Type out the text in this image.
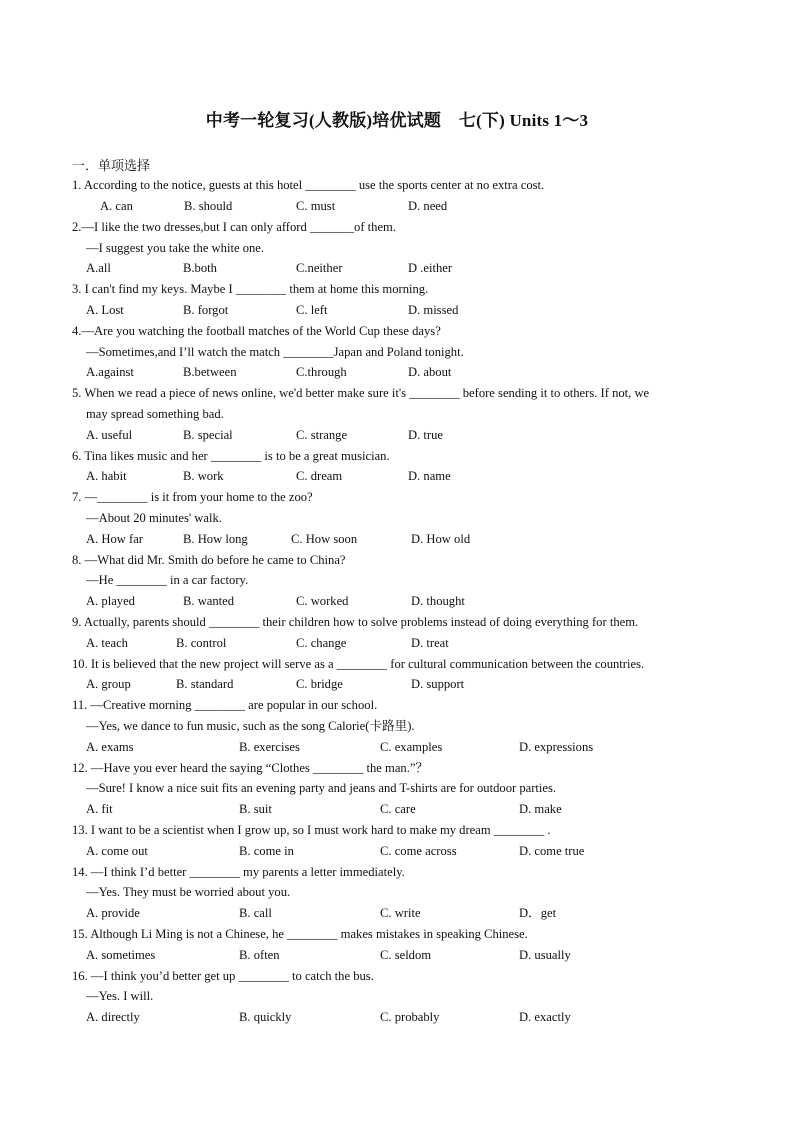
中考一轮复习(人教版)培优试题    七(下) Units 1～3
一．单项选择
1. According to the notice, guests at this hotel ________ use the sports center at no extra cost.
A. can	B. should	C. must	D. need
2.—I like the two dresses,but I can only afford _______of them.
—I suggest you take the white one.
A.all	B.both	C.neither	D .either
3. I can't find my keys. Maybe I ________ them at home this morning.
A. Lost	B. forgot	C. left	D. missed
4.—Are you watching the football matches of the World Cup these days?
—Sometimes,and I’ll watch the match ________Japan and Poland tonight.
A.against	B.between	C.through	D. about
5. When we read a piece of news online, we'd better make sure it's ________ before sending it to others. If not, we
may spread something bad.
A. useful	B. special	C. strange	D. true
6. Tina likes music and her ________ is to be a great musician.
A. habit	B. work	C. dream	D. name
7. —________ is it from your home to the zoo?
—About 20 minutes' walk.
A. How far	B. How long	C. How soon	D. How old
8. —What did Mr. Smith do before he came to China?
—He ________ in a car factory.
A. played	B. wanted	C. worked	D. thought
9. Actually, parents should ________ their children how to solve problems instead of doing everything for them.
A. teach	B. control	C. change	D. treat
10. It is believed that the new project will serve as a ________ for cultural communication between the countries.
A. group	B. standard	C. bridge	D. support
11. —Creative morning ________ are popular in our school.
—Yes, we dance to fun music, such as the song Calorie(卡路里).
A. exams	B. exercises	C. examples	D. expressions
12. —Have you ever heard the saying “Clothes ________ the man.”？
—Sure! I know a nice suit fits an evening party and jeans and T-shirts are for outdoor parties.
A. fit	B. suit	C. care	D. make
13. I want to be a scientist when I grow up, so I must work hard to make my dream ________ .
A. come out	B. come in	C. come across	D. come true
14. —I think I’d better ________ my parents a letter immediately.
—Yes. They must be worried about you.
A. provide	B. call	C. write	D．get
15. Although Li Ming is not a Chinese, he ________ makes mistakes in speaking Chinese.
A. sometimes	B. often	C. seldom	D. usually
16. —I think you’d better get up ________ to catch the bus.
—Yes. I will.
A. directly	B. quickly	C. probably	D. exactly
